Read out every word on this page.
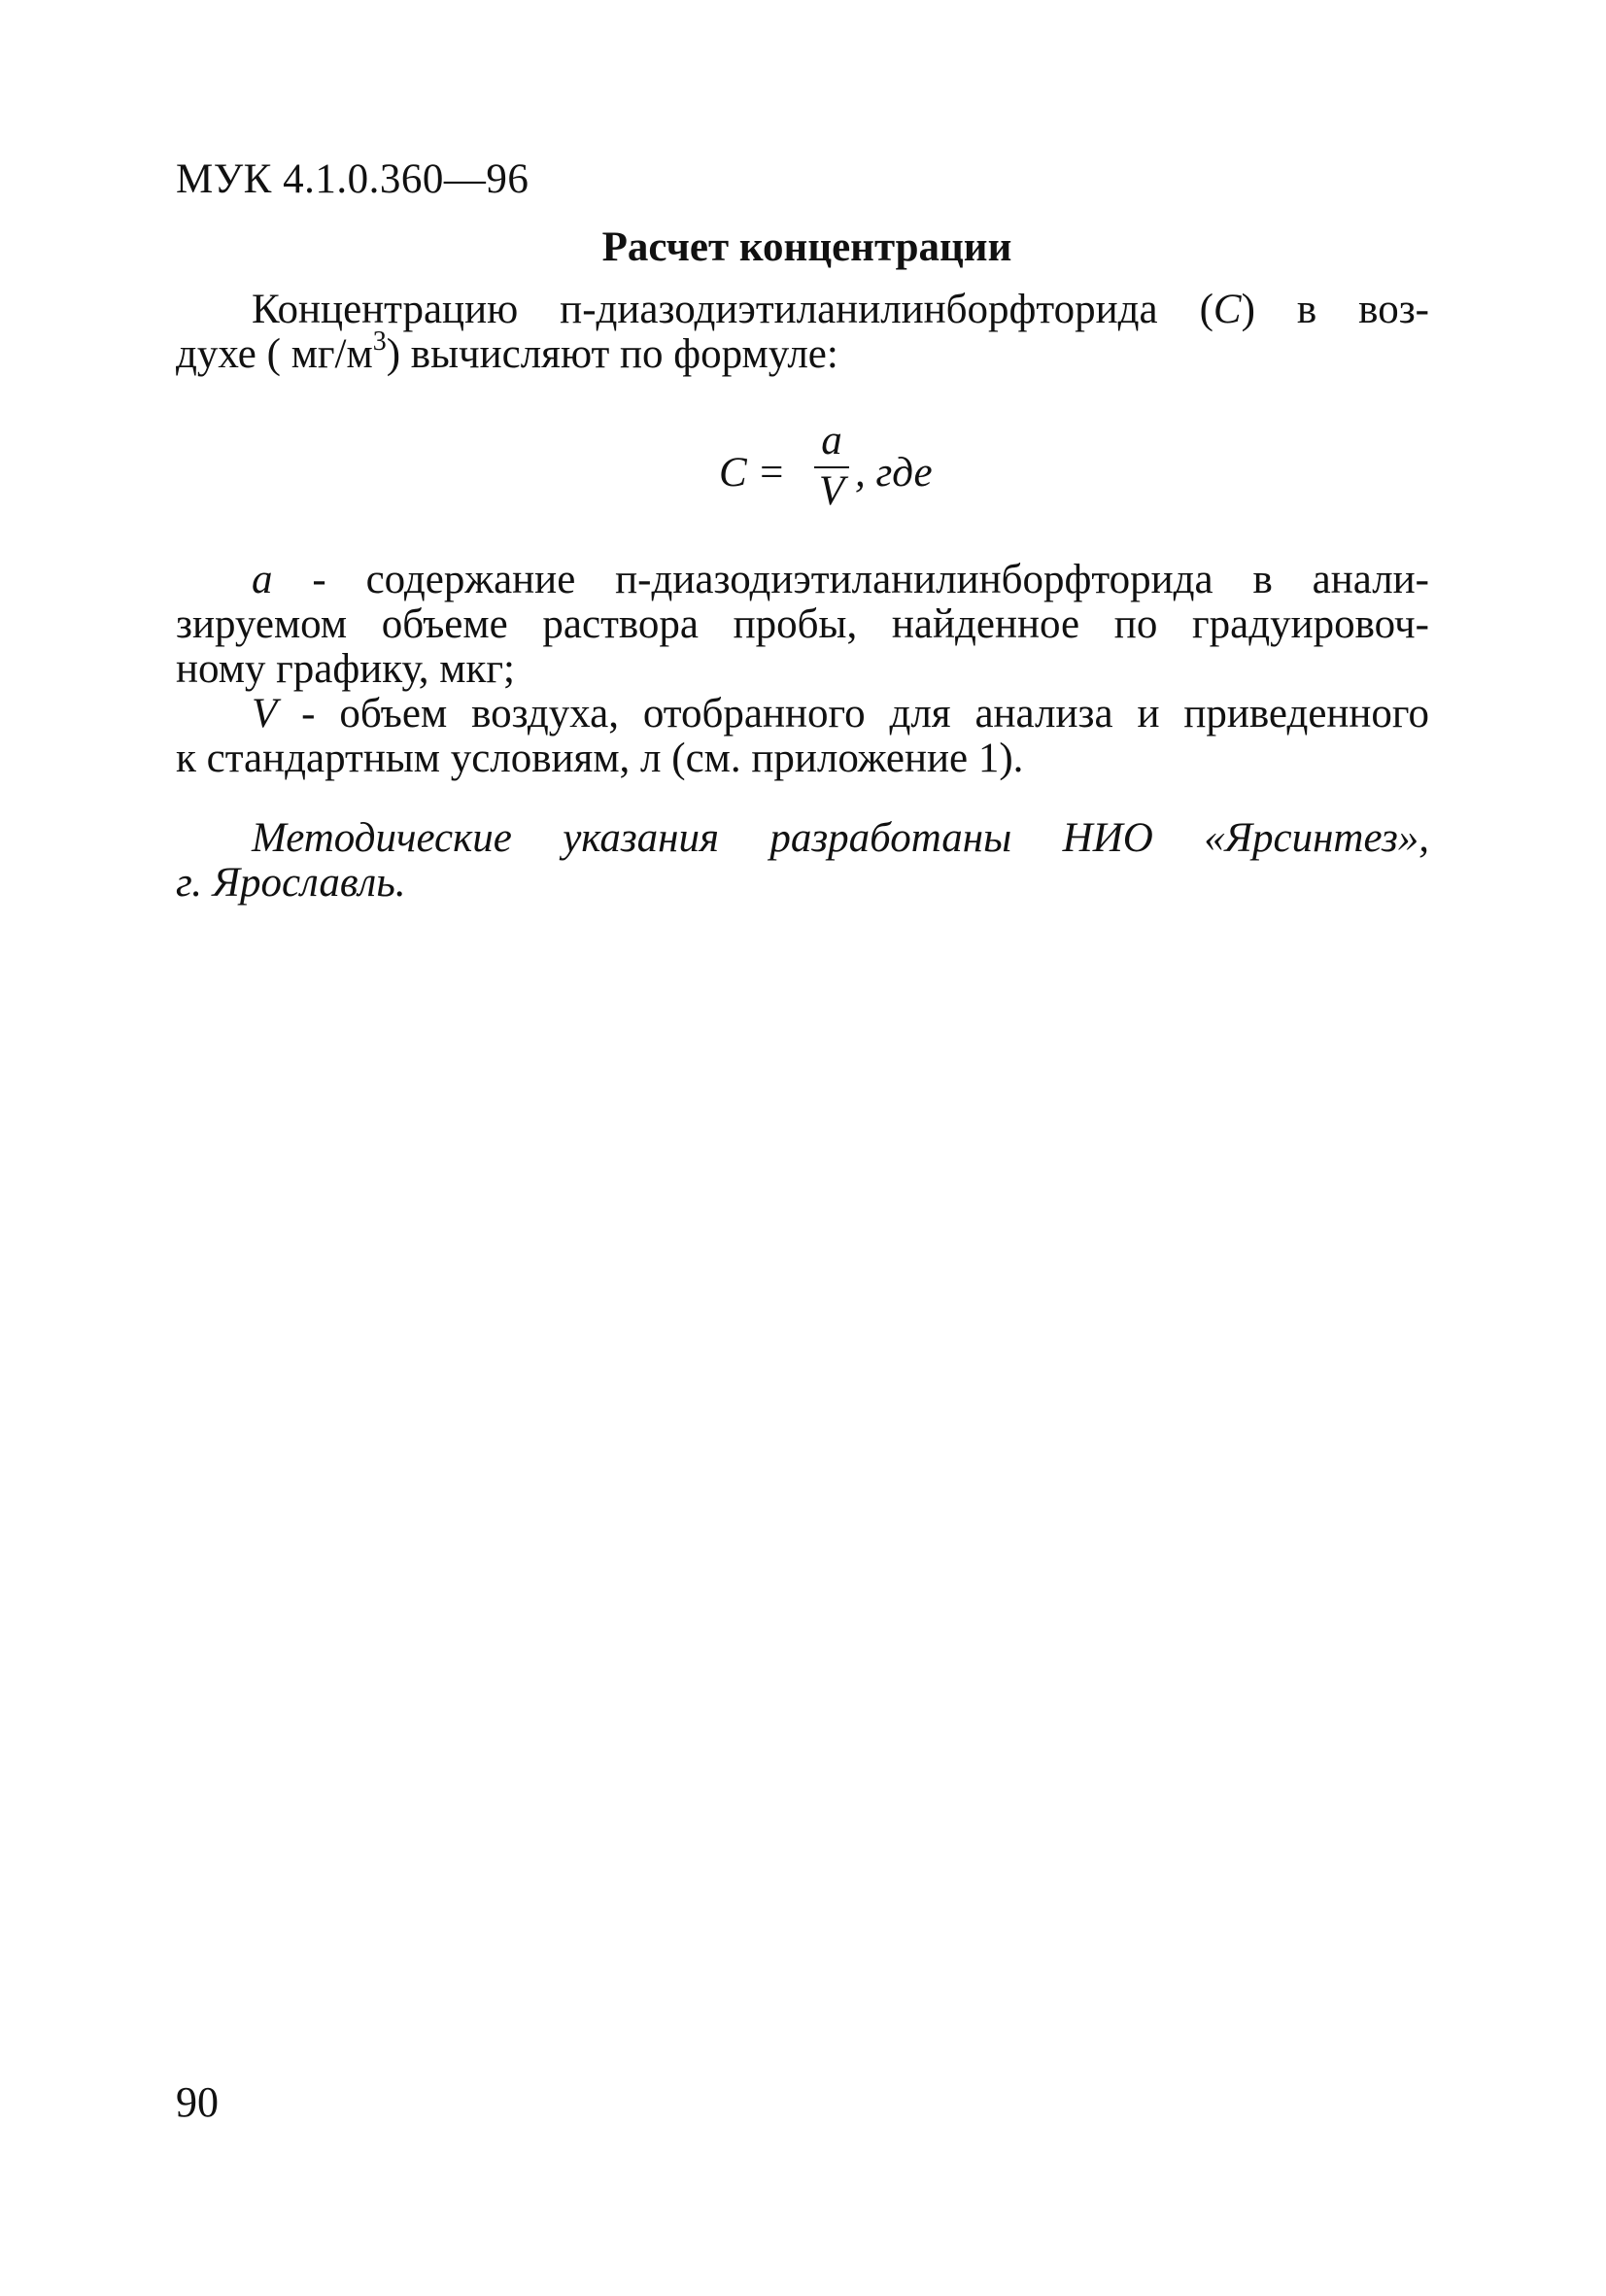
МУК 4.1.0.360—96
Расчет концентрации
Концентрацию п-диазодиэтиланилинборфторида (С) в воз-
духе ( $мг/м^3$) вычисляют по формуле:
С =
a
V , где
a - содержание п-диазодиэтиланилинборфторида в анали-
зируемом объеме раствора пробы, найденное по градуировоч-
ному графику, мкг;
V - объем воздуха, отобранного для анализа и приведенного
к стандартным условиям, л (см. приложение 1).
Методические указания разработаны НИО «Ярсинтез»,
г. Ярославль.
90
